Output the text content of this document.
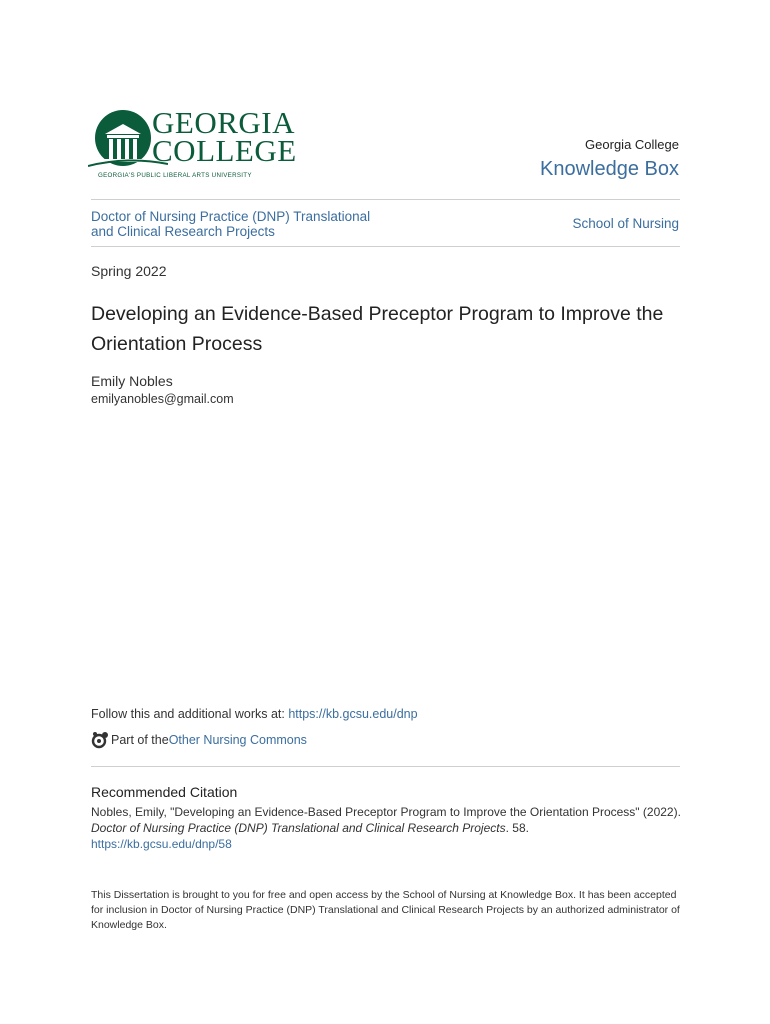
GEORGIA
COLLEGE
GEORGIA'S PUBLIC LIBERAL ARTS UNIVERSITY
Georgia College
Knowledge Box
Doctor of Nursing Practice (DNP) Translational and Clinical Research Projects
School of Nursing
Spring 2022
Developing an Evidence-Based Preceptor Program to Improve the Orientation Process
Emily Nobles
emilyanobles@gmail.com
Follow this and additional works at: https://kb.gcsu.edu/dnp
Part of the Other Nursing Commons
Recommended Citation
Nobles, Emily, "Developing an Evidence-Based Preceptor Program to Improve the Orientation Process" (2022). Doctor of Nursing Practice (DNP) Translational and Clinical Research Projects. 58.
https://kb.gcsu.edu/dnp/58
This Dissertation is brought to you for free and open access by the School of Nursing at Knowledge Box. It has been accepted for inclusion in Doctor of Nursing Practice (DNP) Translational and Clinical Research Projects by an authorized administrator of Knowledge Box.
